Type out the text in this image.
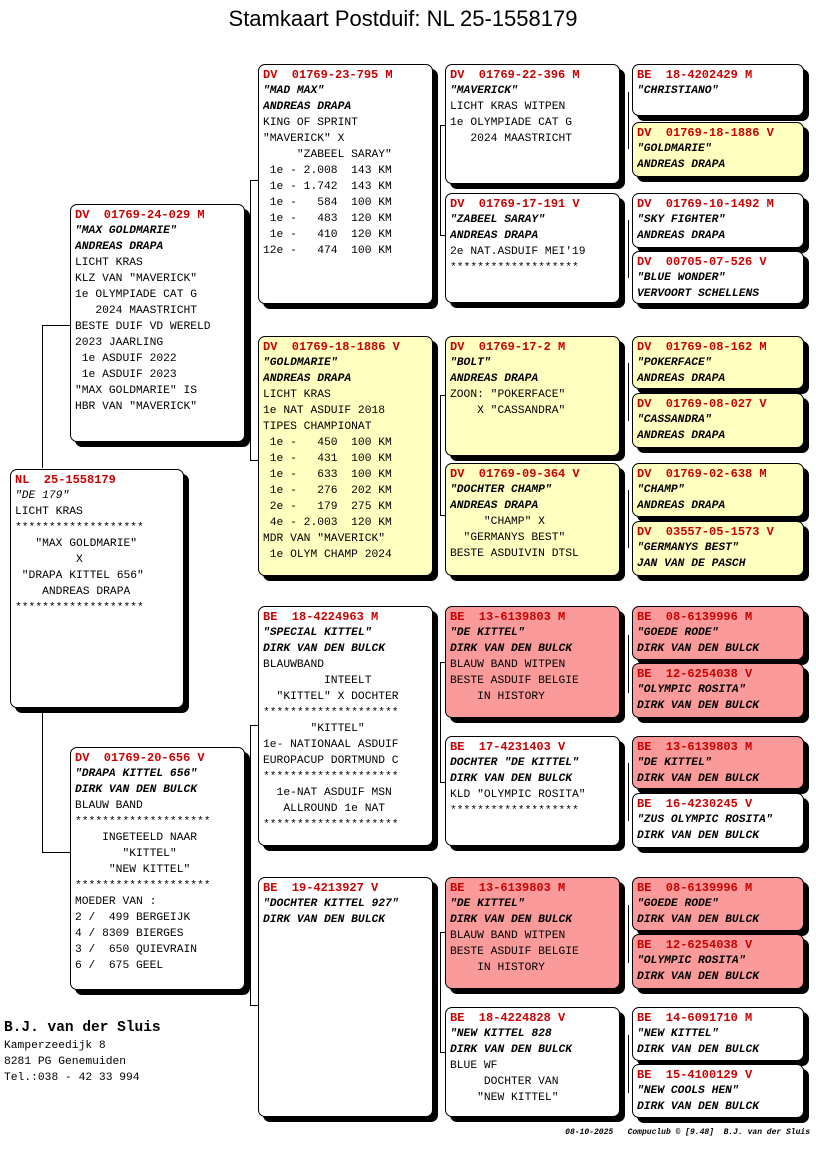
Stamkaart Postduif: NL 25-1558179
NL  25-1558179
"DE 179"
LICHT KRAS
*******************
"MAX GOLDMARIE"
X
"DRAPA KITTEL 656"
ANDREAS DRAPA
*******************
DV  01769-24-029 M
"MAX GOLDMARIE"
ANDREAS DRAPA
LICHT KRAS
KLZ VAN "MAVERICK"
1e OLYMPIADE CAT G
2024 MAASTRICHT
BESTE DUIF VD WERELD
2023 JAARLING
1e ASDUIF 2022
1e ASDUIF 2023
"MAX GOLDMARIE" IS
HBR VAN "MAVERICK"
DV  01769-20-656 V
"DRAPA KITTEL 656"
DIRK VAN DEN BULCK
BLAUW BAND
********************
INGETEELD NAAR
"KITTEL"
"NEW KITTEL"
********************
MOEDER VAN :
2 /  499 BERGEIJK
4 / 8309 BIERGES
3 /  650 QUIEVRAIN
6 /  675 GEEL
DV  01769-23-795 M
"MAD MAX"
ANDREAS DRAPA
KING OF SPRINT
"MAVERICK" X
"ZABEEL SARAY"
1e - 2.008  143 KM
1e - 1.742  143 KM
1e -   584  100 KM
1e -   483  120 KM
1e -   410  120 KM
12e -   474  100 KM
DV  01769-18-1886 V
"GOLDMARIE"
ANDREAS DRAPA
LICHT KRAS
1e NAT ASDUIF 2018
TIPES CHAMPIONAT
1e -   450  100 KM
1e -   431  100 KM
1e -   633  100 KM
1e -   276  202 KM
2e -   179  275 KM
4e - 2.003  120 KM
MDR VAN "MAVERICK"
1e OLYM CHAMP 2024
BE  18-4224963 M
"SPECIAL KITTEL"
DIRK VAN DEN BULCK
BLAUWBAND
INTEELT
"KITTEL" X DOCHTER
********************
"KITTEL"
1e- NATIONAAL ASDUIF
EUROPACUP DORTMUND C
********************
1e-NAT ASDUIF MSN
ALLROUND 1e NAT
********************
BE  19-4213927 V
"DOCHTER KITTEL 927"
DIRK VAN DEN BULCK
DV  01769-22-396 M
"MAVERICK"
LICHT KRAS WITPEN
1e OLYMPIADE CAT G
2024 MAASTRICHT
DV  01769-17-191 V
"ZABEEL SARAY"
ANDREAS DRAPA
2e NAT.ASDUIF MEI'19
*******************
DV  01769-17-2 M
"BOLT"
ANDREAS DRAPA
ZOON: "POKERFACE"
X "CASSANDRA"
DV  01769-09-364 V
"DOCHTER CHAMP"
ANDREAS DRAPA
"CHAMP" X
"GERMANYS BEST"
BESTE ASDUIVIN DTSL
BE  13-6139803 M
"DE KITTEL"
DIRK VAN DEN BULCK
BLAUW BAND WITPEN
BESTE ASDUIF BELGIE
IN HISTORY
BE  17-4231403 V
DOCHTER "DE KITTEL"
DIRK VAN DEN BULCK
KLD "OLYMPIC ROSITA"
*******************
BE  13-6139803 M
"DE KITTEL"
DIRK VAN DEN BULCK
BLAUW BAND WITPEN
BESTE ASDUIF BELGIE
IN HISTORY
BE  18-4224828 V
"NEW KITTEL 828
DIRK VAN DEN BULCK
BLUE WF
DOCHTER VAN
"NEW KITTEL"
BE  18-4202429 M
"CHRISTIANO"
DV  01769-18-1886 V
"GOLDMARIE"
ANDREAS DRAPA
DV  01769-10-1492 M
"SKY FIGHTER"
ANDREAS DRAPA
DV  00705-07-526 V
"BLUE WONDER"
VERVOORT SCHELLENS
DV  01769-08-162 M
"POKERFACE"
ANDREAS DRAPA
DV  01769-08-027 V
"CASSANDRA"
ANDREAS DRAPA
DV  01769-02-638 M
"CHAMP"
ANDREAS DRAPA
DV  03557-05-1573 V
"GERMANYS BEST"
JAN VAN DE PASCH
BE  08-6139996 M
"GOEDE RODE"
DIRK VAN DEN BULCK
BE  12-6254038 V
"OLYMPIC ROSITA"
DIRK VAN DEN BULCK
BE  13-6139803 M
"DE KITTEL"
DIRK VAN DEN BULCK
BE  16-4230245 V
"ZUS OLYMPIC ROSITA"
DIRK VAN DEN BULCK
BE  08-6139996 M
"GOEDE RODE"
DIRK VAN DEN BULCK
BE  12-6254038 V
"OLYMPIC ROSITA"
DIRK VAN DEN BULCK
BE  14-6091710 M
"NEW KITTEL"
DIRK VAN DEN BULCK
BE  15-4100129 V
"NEW COOLS HEN"
DIRK VAN DEN BULCK
B.J. van der Sluis
Kamperzeedijk 8
8281 PG Genemuiden
Tel.:038 - 42 33 994
08-10-2025   Compuclub © [9.48]  B.J. van der Sluis
